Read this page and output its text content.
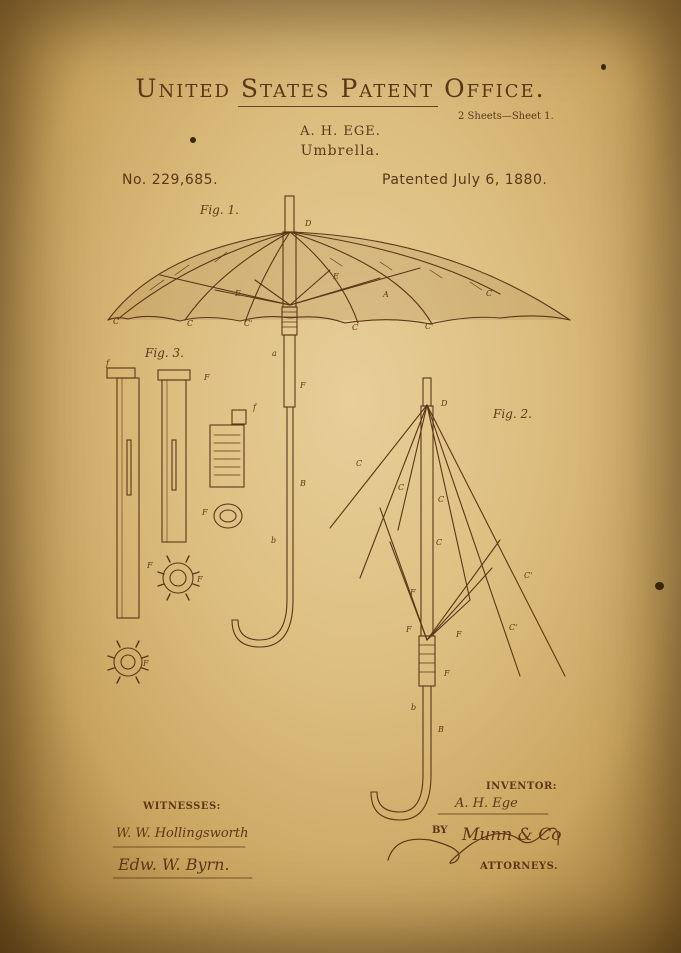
United States Patent Office.
2 Sheets—Sheet 1.
A. H. EGE.
Umbrella.
No. 229,685.	Patented July 6, 1880.
Fig. 1.
Fig. 2.
Fig. 3.
D
C	C	C'	C	C'
C
E
E
A
a
F
B
b
D
C
C
C
C
C'
C'
F
F
F
F
b
B
f
F
f
F
F
F
F
WITNESSES:
INVENTOR:
BY
ATTORNEYS.
W. W. Hollingsworth
Edw. W. Byrn.
A. H. Ege
Munn & Co
